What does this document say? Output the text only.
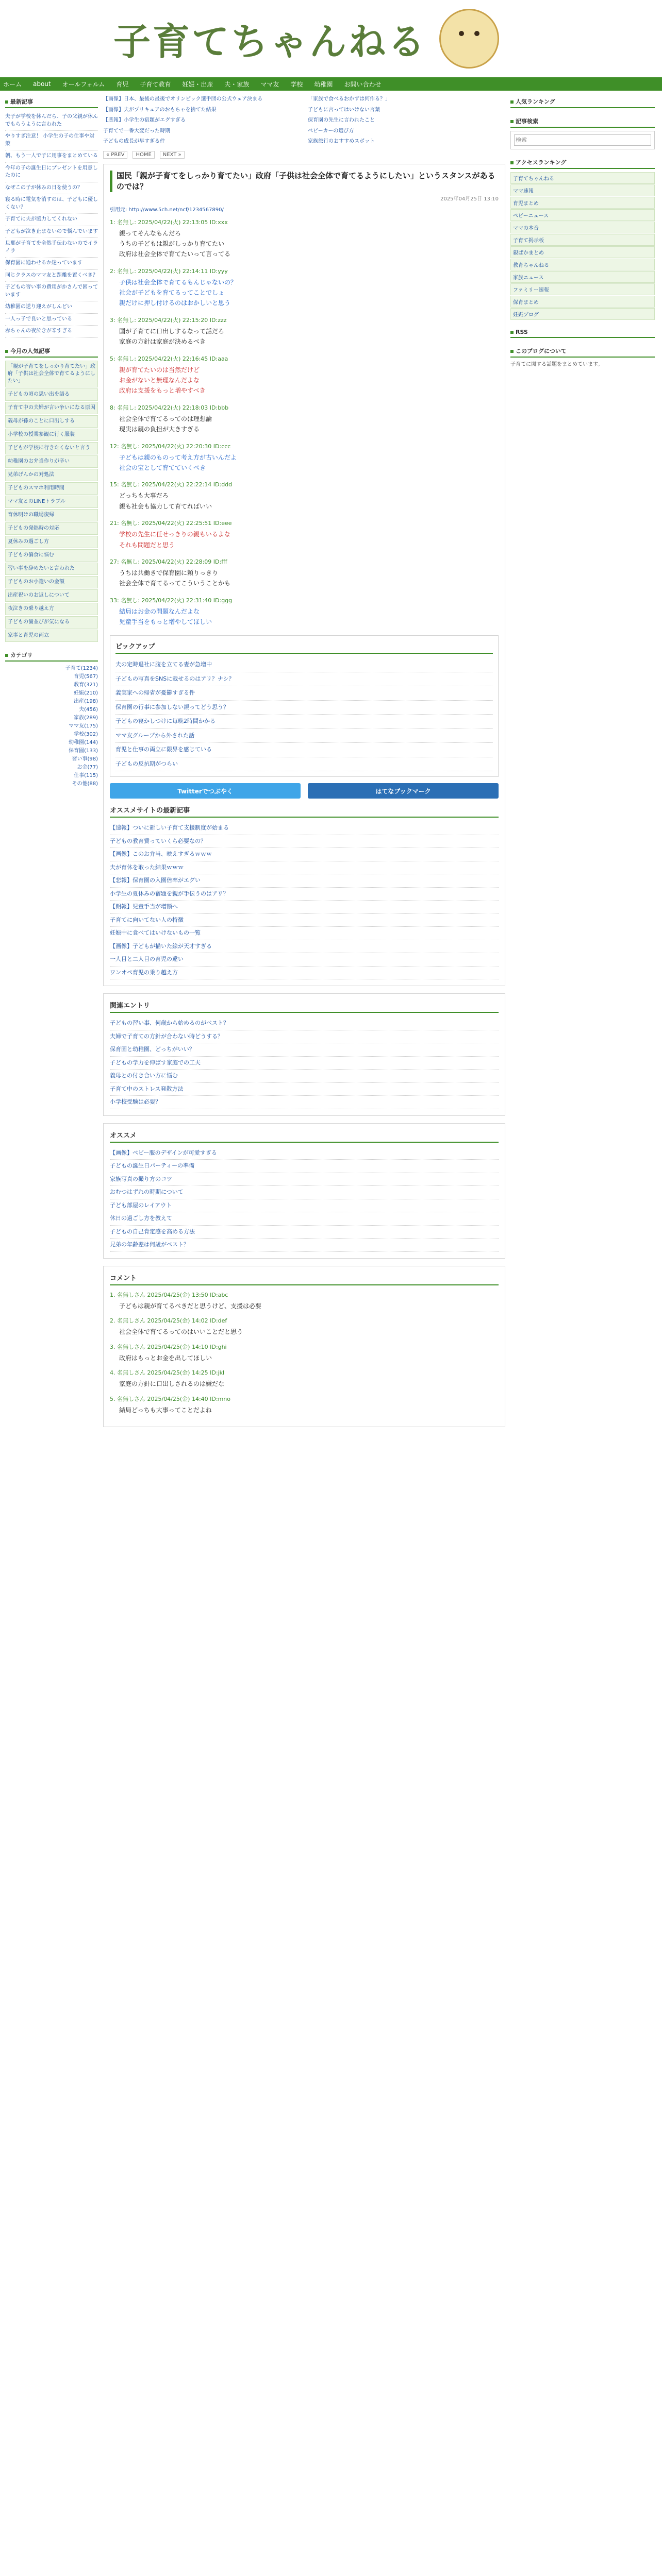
子育てちゃんねる
ホーム about オールフォルム 育児 子育て教育 妊娠・出産 夫・家族 ママ友 学校 幼稚園 お問い合わせ
最新記事
夫子が学校を休んだら、子の父親が休んでもらうように言われた
やりすぎ注意！ 小学生の子の仕事や対策
朝、もう一人で子に用事をまとめている
今年の子の誕生日にプレゼントを用意したのに
なぜこの子が休みの日を使うの？
寝る時に電気を消すのは、子どもに優しくない？
子育てに夫が協力してくれない
子どもが泣き止まないので悩んでいます
旦那が子育てを全然手伝わないのでイライラ
保育園に通わせるか迷っています
同じクラスのママ友と距離を置くべき？
子どもの習い事の費用がかさんで困っています
幼稚園の送り迎えがしんどい
一人っ子で良いと思っている
赤ちゃんの夜泣きが辛すぎる
今月の人気記事
「親が子育てをしっかり育てたい」政府「子供は社会全体で育てるようにしたい」
子どもの頃の思い出を語る
子育て中の夫婦が言い争いになる原因
義母が孫のことに口出しする
小学校の授業参観に行く服装
子どもが学校に行きたくないと言う
幼稚園のお弁当作りが辛い
兄弟げんかの対処法
子どものスマホ利用時間
ママ友とのLINEトラブル
育休明けの職場復帰
子どもの発熱時の対応
夏休みの過ごし方
子どもの偏食に悩む
習い事を辞めたいと言われた
子どものお小遣いの金額
出産祝いのお返しについて
夜泣きの乗り越え方
子どもの歯並びが気になる
家事と育児の両立
カテゴリ
子育て(1234)
育児(567)
教育(321)
妊娠(210)
出産(198)
夫(456)
家族(289)
ママ友(175)
学校(302)
幼稚園(144)
保育園(133)
習い事(98)
お金(77)
仕事(115)
その他(88)
【画像】日本、最後の最後でオリンピック選手団の公式ウェア決まる	「家族で食べるおかずは何作る？」
【画像】夫がプリキュアのおもちゃを捨てた結果	子どもに言ってはいけない言葉
【悲報】小学生の宿題がエグすぎる	保育園の先生に言われたこと
子育てで一番大変だった時期	ベビーカーの選び方
子どもの成長が早すぎる件	家族旅行のおすすめスポット
« PREV	HOME	NEXT »
国民「親が子育てをしっかり育てたい」政府「子供は社会全体で育てるようにしたい」というスタンスがあるのでは？
2025年04月25日 13:10
引用元: http://www.5ch.net/ncf/1234567890/
1: 名無し: 2025/04/22(火) 22:13:05 ID:xxx
親ってそんなもんだろ
うちの子どもは親がしっかり育てたい
政府は社会全体で育てたいって言ってる
2: 名無し: 2025/04/22(火) 22:14:11 ID:yyy
子供は社会全体で育てるもんじゃないの？
社会が子どもを育てるってことでしょ
親だけに押し付けるのはおかしいと思う
3: 名無し: 2025/04/22(火) 22:15:20 ID:zzz
国が子育てに口出しするなって話だろ
家庭の方針は家庭が決めるべき
5: 名無し: 2025/04/22(火) 22:16:45 ID:aaa
親が育てたいのは当然だけど
お金がないと無理なんだよな
政府は支援をもっと増やすべき
8: 名無し: 2025/04/22(火) 22:18:03 ID:bbb
社会全体で育てるってのは理想論
現実は親の負担が大きすぎる
12: 名無し: 2025/04/22(火) 22:20:30 ID:ccc
子どもは親のものって考え方が古いんだよ
社会の宝として育てていくべき
15: 名無し: 2025/04/22(火) 22:22:14 ID:ddd
どっちも大事だろ
親も社会も協力して育てればいい
21: 名無し: 2025/04/22(火) 22:25:51 ID:eee
学校の先生に任せっきりの親もいるよな
それも問題だと思う
27: 名無し: 2025/04/22(火) 22:28:09 ID:fff
うちは共働きで保育園に頼りっきり
社会全体で育てるってこういうことかも
33: 名無し: 2025/04/22(火) 22:31:40 ID:ggg
結局はお金の問題なんだよな
児童手当をもっと増やしてほしい
ピックアップ
夫の定時退社に腹を立てる妻が急増中
子どもの写真をSNSに載せるのはアリ？ナシ？
義実家への帰省が憂鬱すぎる件
保育園の行事に参加しない親ってどう思う？
子どもの寝かしつけに毎晩2時間かかる
ママ友グループから外された話
育児と仕事の両立に限界を感じている
子どもの反抗期がつらい
Twitterでつぶやく	はてなブックマーク
オススメサイトの最新記事
【速報】ついに新しい子育て支援制度が始まる
子どもの教育費っていくら必要なの？
【画像】このお弁当、映えすぎるｗｗｗ
夫が育休を取った結果ｗｗｗ
【悲報】保育園の入園倍率がエグい
小学生の夏休みの宿題を親が手伝うのはアリ？
【朗報】児童手当が増額へ
子育てに向いてない人の特徴
妊娠中に食べてはいけないもの一覧
【画像】子どもが描いた絵が天才すぎる
一人目と二人目の育児の違い
ワンオペ育児の乗り越え方
関連エントリ
子どもの習い事、何歳から始めるのがベスト？
夫婦で子育ての方針が合わない時どうする？
保育園と幼稚園、どっちがいい？
子どもの学力を伸ばす家庭での工夫
義母との付き合い方に悩む
子育て中のストレス発散方法
小学校受験は必要？
オススメ
【画像】ベビー服のデザインが可愛すぎる
子どもの誕生日パーティーの準備
家族写真の撮り方のコツ
おむつはずれの時期について
子ども部屋のレイアウト
休日の過ごし方を教えて
子どもの自己肯定感を高める方法
兄弟の年齢差は何歳がベスト？
コメント
1. 名無しさん 2025/04/25(金) 13:50 ID:abc
子どもは親が育てるべきだと思うけど、支援は必要
2. 名無しさん 2025/04/25(金) 14:02 ID:def
社会全体で育てるってのはいいことだと思う
3. 名無しさん 2025/04/25(金) 14:10 ID:ghi
政府はもっとお金を出してほしい
4. 名無しさん 2025/04/25(金) 14:25 ID:jkl
家庭の方針に口出しされるのは嫌だな
5. 名無しさん 2025/04/25(金) 14:40 ID:mno
結局どっちも大事ってことだよね
人気ランキング
記事検索
検索
アクセスランキング
子育てちゃんねる
ママ速報
育児まとめ
ベビーニュース
ママの本音
子育て掲示板
親ばかまとめ
教育ちゃんねる
家族ニュース
ファミリー速報
保育まとめ
妊娠ブログ
RSS
このブログについて
子育てに関する話題をまとめています。
